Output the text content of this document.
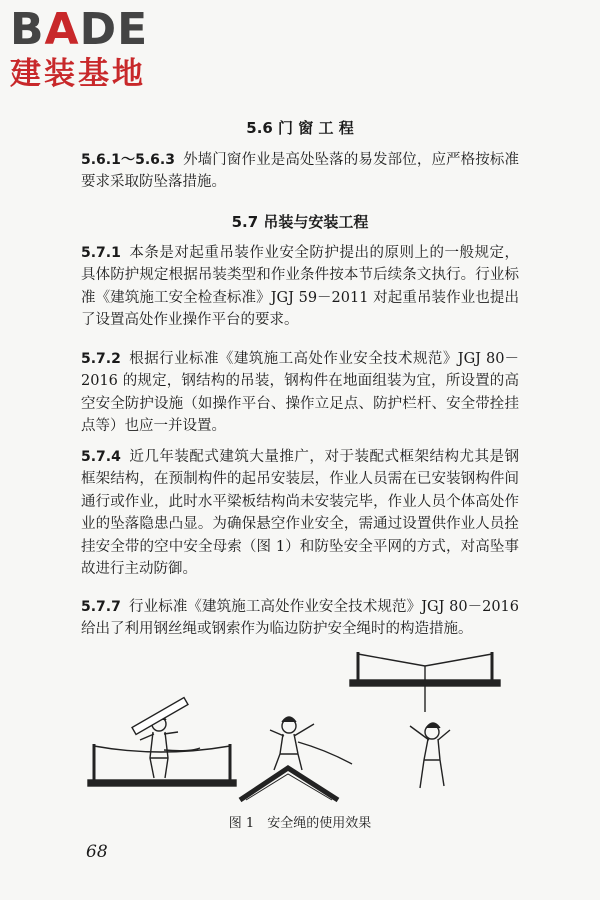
BADE
建装基地
5.6 门 窗 工 程
5.6.1～5.6.3 外墙门窗作业是高处坠落的易发部位，应严格按标准要求采取防坠落措施。
5.7 吊装与安装工程
5.7.1 本条是对起重吊装作业安全防护提出的原则上的一般规定，具体防护规定根据吊装类型和作业条件按本节后续条文执行。行业标准《建筑施工安全检查标准》JGJ 59－2011 对起重吊装作业也提出了设置高处作业操作平台的要求。
5.7.2 根据行业标准《建筑施工高处作业安全技术规范》JGJ 80－2016 的规定，钢结构的吊装，钢构件在地面组装为宜，所设置的高空安全防护设施（如操作平台、操作立足点、防护栏杆、安全带拴挂点等）也应一并设置。
5.7.4 近几年装配式建筑大量推广，对于装配式框架结构尤其是钢框架结构，在预制构件的起吊安装层，作业人员需在已安装钢构件间通行或作业，此时水平梁板结构尚未安装完毕，作业人员个体高处作业的坠落隐患凸显。为确保悬空作业安全，需通过设置供作业人员拴挂安全带的空中安全母索（图 1）和防坠安全平网的方式，对高坠事故进行主动防御。
5.7.7 行业标准《建筑施工高处作业安全技术规范》JGJ 80－2016 给出了利用钢丝绳或钢索作为临边防护安全绳时的构造措施。
图 1　安全绳的使用效果
68
